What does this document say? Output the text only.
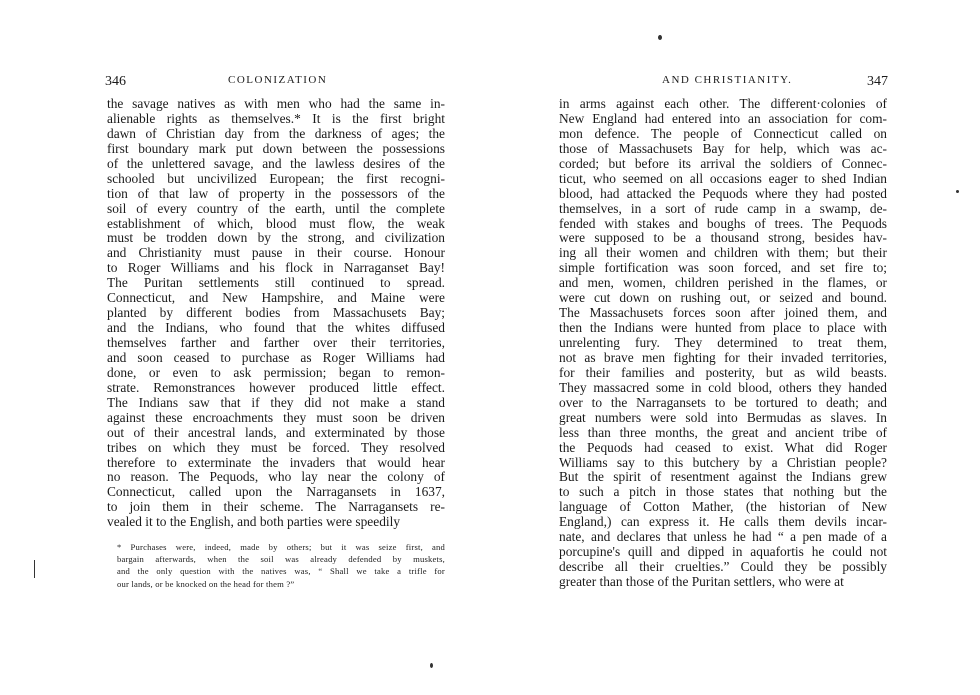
346	COLONIZATION
the savage natives as with men who had the same in-
alienable rights as themselves.* It is the first bright
dawn of Christian day from the darkness of ages; the
first boundary mark put down between the possessions
of the unlettered savage, and the lawless desires of the
schooled but uncivilized European; the first recogni-
tion of that law of property in the possessors of the
soil of every country of the earth, until the complete
establishment of which, blood must flow, the weak
must be trodden down by the strong, and civilization
and Christianity must pause in their course. Honour
to Roger Williams and his flock in Narraganset Bay!
The Puritan settlements still continued to spread.
Connecticut, and New Hampshire, and Maine were
planted by different bodies from Massachusets Bay;
and the Indians, who found that the whites diffused
themselves farther and farther over their territories,
and soon ceased to purchase as Roger Williams had
done, or even to ask permission; began to remon-
strate. Remonstrances however produced little effect.
The Indians saw that if they did not make a stand
against these encroachments they must soon be driven
out of their ancestral lands, and exterminated by those
tribes on which they must be forced. They resolved
therefore to exterminate the invaders that would hear
no reason. The Pequods, who lay near the colony of
Connecticut, called upon the Narragansets in 1637,
to join them in their scheme. The Narragansets re-
vealed it to the English, and both parties were speedily
* Purchases were, indeed, made by others; but it was seize first, and
bargain afterwards, when the soil was already defended by muskets,
and the only question with the natives was, “ Shall we take a trifle for
our lands, or be knocked on the head for them ?”
AND CHRISTIANITY.	347
in arms against each other. The different·colonies of
New England had entered into an association for com-
mon defence. The people of Connecticut called on
those of Massachusets Bay for help, which was ac-
corded; but before its arrival the soldiers of Connec-
ticut, who seemed on all occasions eager to shed Indian
blood, had attacked the Pequods where they had posted
themselves, in a sort of rude camp in a swamp, de-
fended with stakes and boughs of trees. The Pequods
were supposed to be a thousand strong, besides hav-
ing all their women and children with them; but their
simple fortification was soon forced, and set fire to;
and men, women, children perished in the flames, or
were cut down on rushing out, or seized and bound.
The Massachusets forces soon after joined them, and
then the Indians were hunted from place to place with
unrelenting fury. They determined to treat them,
not as brave men fighting for their invaded territories,
for their families and posterity, but as wild beasts.
They massacred some in cold blood, others they handed
over to the Narragansets to be tortured to death; and
great numbers were sold into Bermudas as slaves. In
less than three months, the great and ancient tribe of
the Pequods had ceased to exist. What did Roger
Williams say to this butchery by a Christian people?
But the spirit of resentment against the Indians grew
to such a pitch in those states that nothing but the
language of Cotton Mather, (the historian of New
England,) can express it. He calls them devils incar-
nate, and declares that unless he had “ a pen made of a
porcupine's quill and dipped in aquafortis he could not
describe all their cruelties.” Could they be possibly
greater than those of the Puritan settlers, who were at
